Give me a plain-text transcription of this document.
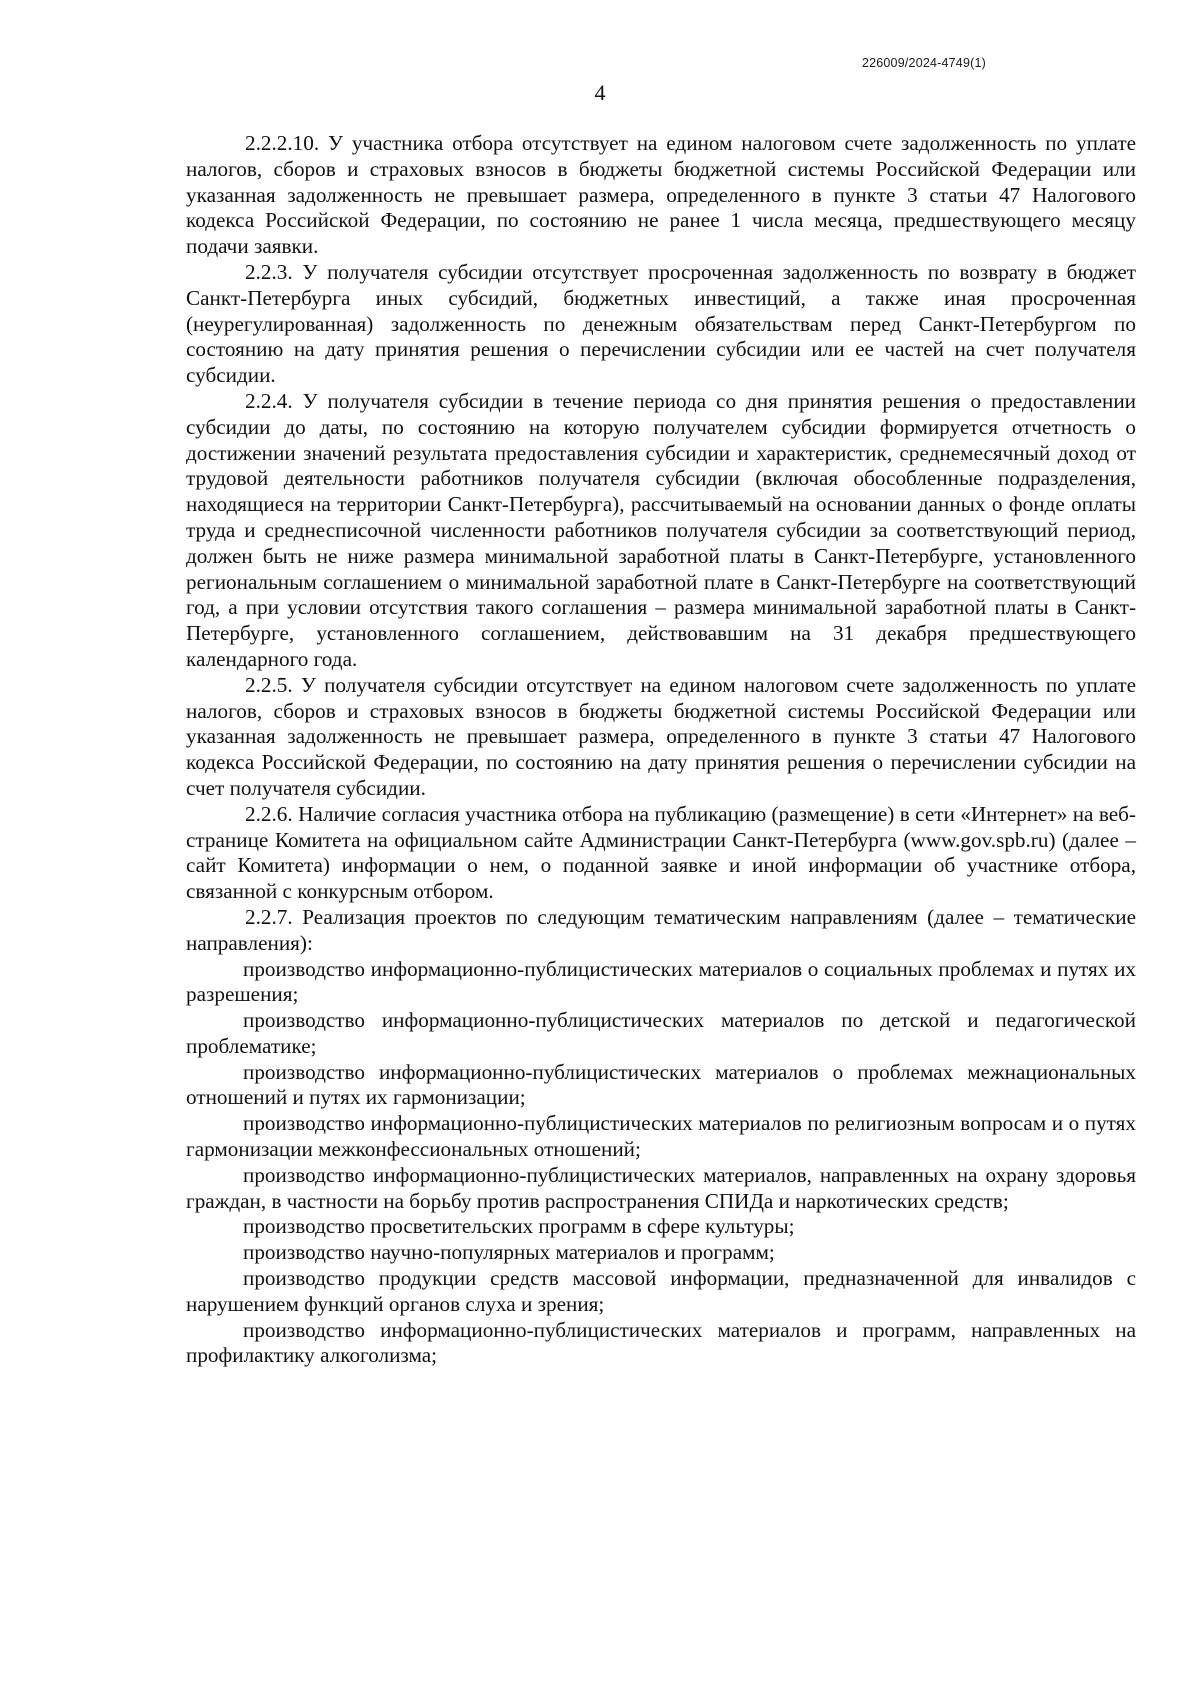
226009/2024-4749(1)
4

2.2.2.10. У участника отбора отсутствует на едином налоговом счете задолженность по уплате налогов, сборов и страховых взносов в бюджеты бюджетной системы Российской Федерации или указанная задолженность не превышает размера, определенного в пункте 3 статьи 47 Налогового кодекса Российской Федерации, по состоянию не ранее 1 числа месяца, предшествующего месяцу подачи заявки.

2.2.3. У получателя субсидии отсутствует просроченная задолженность по возврату в бюджет Санкт-Петербурга иных субсидий, бюджетных инвестиций, а также иная просроченная (неурегулированная) задолженность по денежным обязательствам перед Санкт-Петербургом по состоянию на дату принятия решения о перечислении субсидии или ее частей на счет получателя субсидии.

2.2.4. У получателя субсидии в течение периода со дня принятия решения о предоставлении субсидии до даты, по состоянию на которую получателем субсидии формируется отчетность о достижении значений результата предоставления субсидии и характеристик, среднемесячный доход от трудовой деятельности работников получателя субсидии (включая обособленные подразделения, находящиеся на территории Санкт-Петербурга), рассчитываемый на основании данных о фонде оплаты труда и среднесписочной численности работников получателя субсидии за соответствующий период, должен быть не ниже размера минимальной заработной платы в Санкт-Петербурге, установленного региональным соглашением о минимальной заработной плате в Санкт-Петербурге на соответствующий год, а при условии отсутствия такого соглашения – размера минимальной заработной платы в Санкт-Петербурге, установленного соглашением, действовавшим на 31 декабря предшествующего календарного года.

2.2.5. У получателя субсидии отсутствует на едином налоговом счете задолженность по уплате налогов, сборов и страховых взносов в бюджеты бюджетной системы Российской Федерации или указанная задолженность не превышает размера, определенного в пункте 3 статьи 47 Налогового кодекса Российской Федерации, по состоянию на дату принятия решения о перечислении субсидии на счет получателя субсидии.

2.2.6. Наличие согласия участника отбора на публикацию (размещение) в сети «Интернет» на веб-странице Комитета на официальном сайте Администрации Санкт-Петербурга (www.gov.spb.ru) (далее – сайт Комитета) информации о нем, о поданной заявке и иной информации об участнике отбора, связанной с конкурсным отбором.

2.2.7. Реализация проектов по следующим тематическим направлениям (далее – тематические направления):

производство информационно-публицистических материалов о социальных проблемах и путях их разрешения;

производство информационно-публицистических материалов по детской и педагогической проблематике;

производство информационно-публицистических материалов о проблемах межнациональных отношений и путях их гармонизации;

производство информационно-публицистических материалов по религиозным вопросам и о путях гармонизации межконфессиональных отношений;

производство информационно-публицистических материалов, направленных на охрану здоровья граждан, в частности на борьбу против распространения СПИДа и наркотических средств;

производство просветительских программ в сфере культуры;

производство научно-популярных материалов и программ;

производство продукции средств массовой информации, предназначенной для инвалидов с нарушением функций органов слуха и зрения;

производство информационно-публицистических материалов и программ, направленных на профилактику алкоголизма;
